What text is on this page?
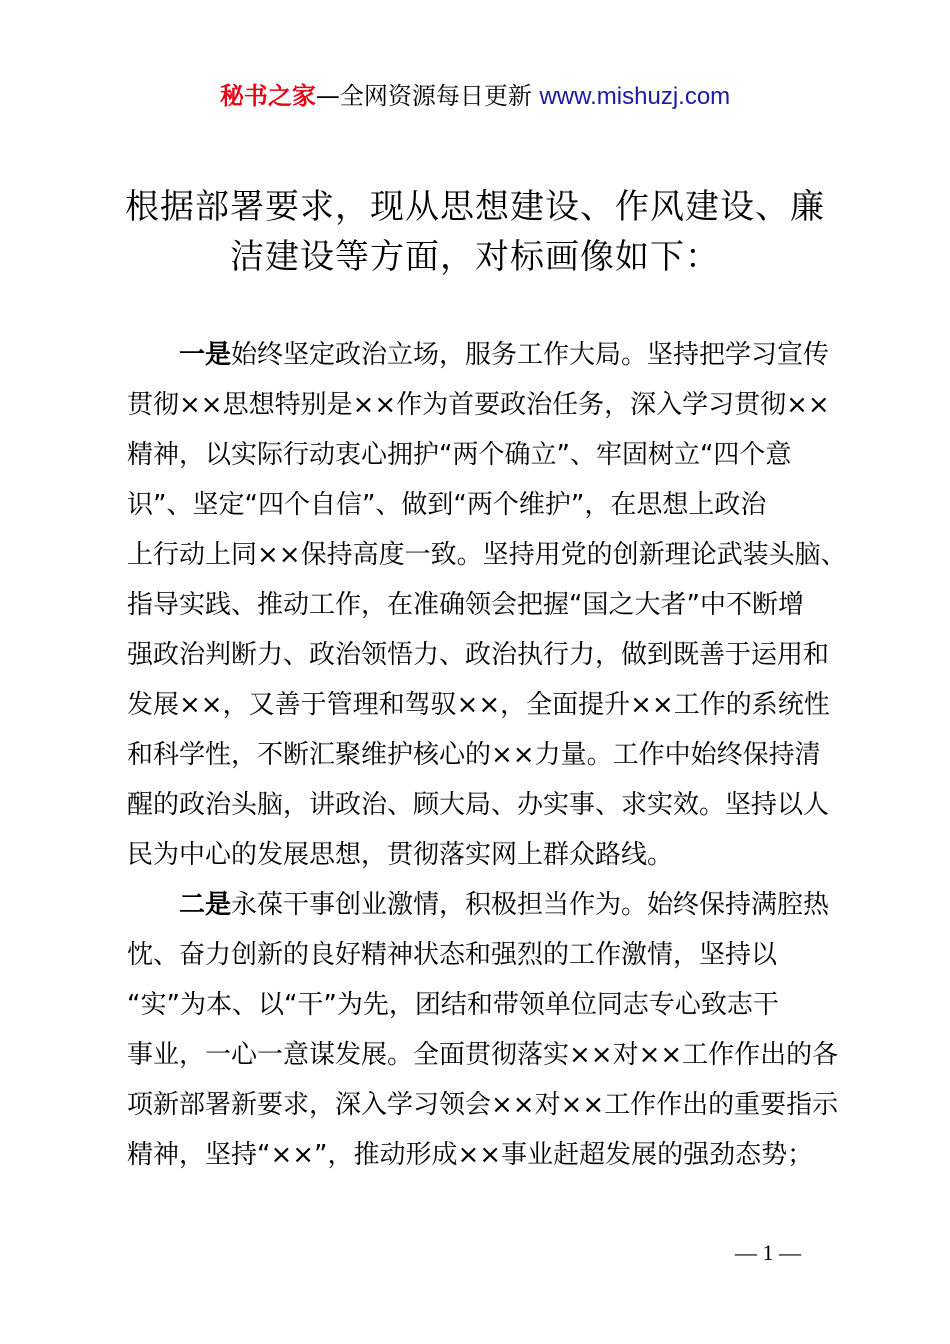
秘书之家—全网资源每日更新 www.mishuzj.com
根据部署要求，现从思想建设、作风建设、廉
洁建设等方面，对标画像如下：
一是始终坚定政治立场，服务工作大局。坚持把学习宣传
贯彻××思想特别是××作为首要政治任务，深入学习贯彻××
精神，以实际行动衷心拥护“两个确立”、牢固树立“四个意
识”、坚定“四个自信”、做到“两个维护”，在思想上政治
上行动上同××保持高度一致。坚持用党的创新理论武装头脑、
指导实践、推动工作，在准确领会把握“国之大者”中不断增
强政治判断力、政治领悟力、政治执行力，做到既善于运用和
发展××，又善于管理和驾驭××，全面提升××工作的系统性
和科学性，不断汇聚维护核心的××力量。工作中始终保持清
醒的政治头脑，讲政治、顾大局、办实事、求实效。坚持以人
民为中心的发展思想，贯彻落实网上群众路线。
二是永葆干事创业激情，积极担当作为。始终保持满腔热
忱、奋力创新的良好精神状态和强烈的工作激情，坚持以
“实”为本、以“干”为先，团结和带领单位同志专心致志干
事业，一心一意谋发展。全面贯彻落实××对××工作作出的各
项新部署新要求，深入学习领会××对××工作作出的重要指示
精神，坚持“××”，推动形成××事业赶超发展的强劲态势；
— 1 —
